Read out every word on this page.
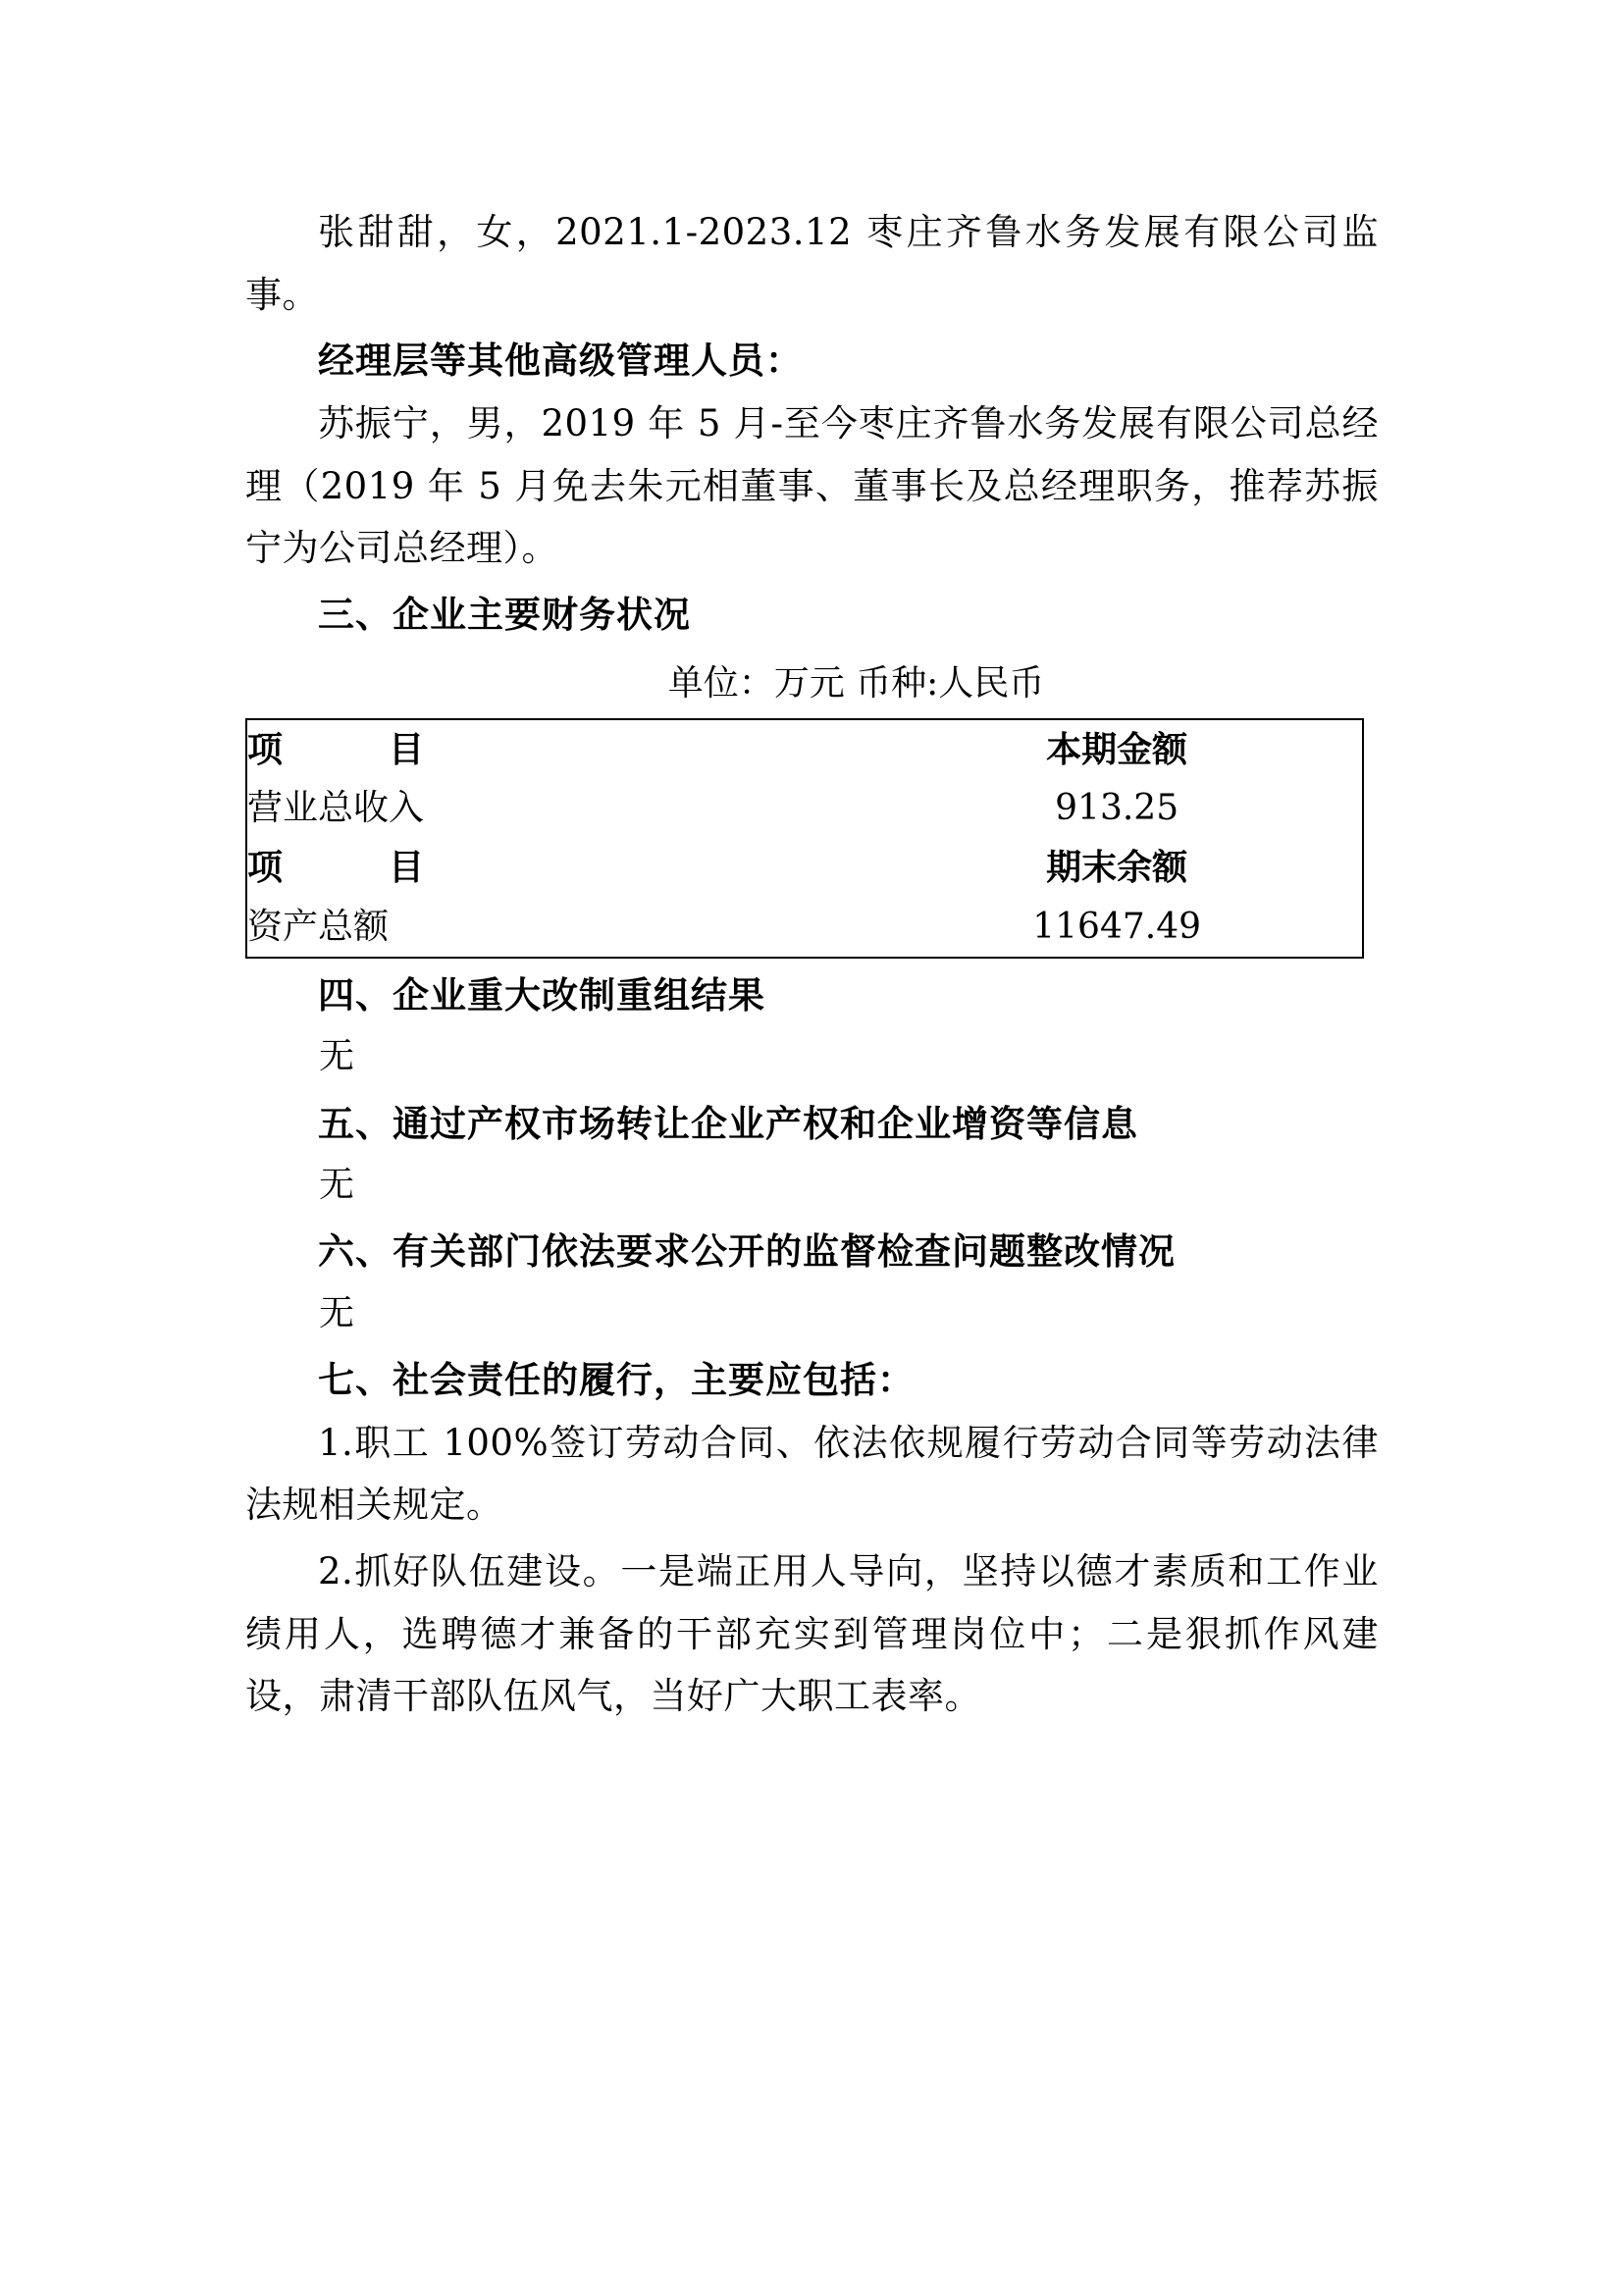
张甜甜，女，2021.1-2023.12 枣庄齐鲁水务发展有限公司监事。

经理层等其他高级管理人员：

苏振宁，男，2019 年 5 月-至今枣庄齐鲁水务发展有限公司总经理（2019 年 5 月免去朱元相董事、董事长及总经理职务，推荐苏振宁为公司总经理）。

三、企业主要财务状况

单位：万元 币种:人民币
项　　目	本期金额
营业总收入	913.25
项　　目	期末余额
资产总额	11647.49

四、企业重大改制重组结果

无

五、通过产权市场转让企业产权和企业增资等信息

无

六、有关部门依法要求公开的监督检查问题整改情况

无

七、社会责任的履行，主要应包括：

1.职工 100%签订劳动合同、依法依规履行劳动合同等劳动法律法规相关规定。

2.抓好队伍建设。一是端正用人导向，坚持以德才素质和工作业绩用人，选聘德才兼备的干部充实到管理岗位中；二是狠抓作风建设，肃清干部队伍风气，当好广大职工表率。
